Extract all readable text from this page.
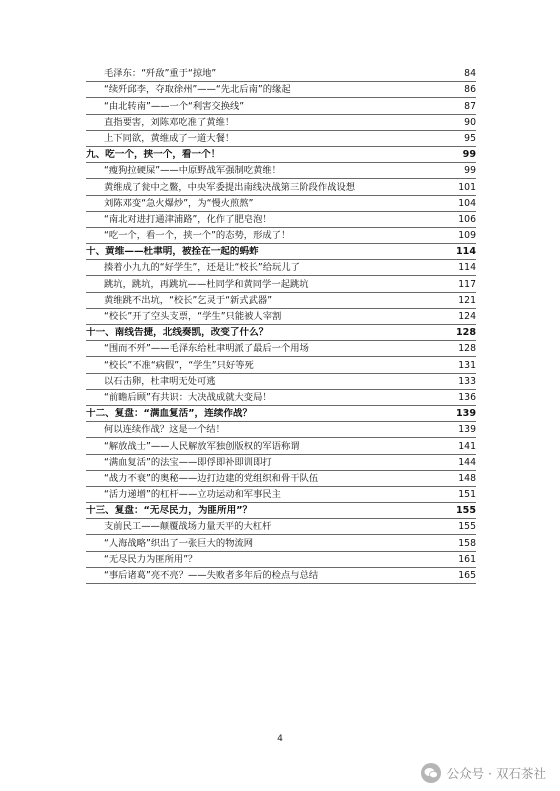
毛泽东：“歼敌”重于“掠地”	84
“续歼邱李，夺取徐州”——“先北后南”的缘起	86
“由北转南”——一个“利害交换线”	87
直指要害，刘陈邓吃准了黄维！	90
上下同欲，黄维成了一道大餐！	95
九、吃一个，挟一个，看一个！	99
“瘦狗拉硬屎”——中原野战军强制吃黄维！	99
黄维成了瓮中之鳖，中央军委提出南线决战第三阶段作战设想	101
刘陈邓变“急火爆炒”，为“慢火煎熬”	104
“南北对进打通津浦路”，化作了肥皂泡！	106
“吃一个，看一个，挟一个”的态势，形成了！	109
十、黄维——杜聿明，被拴在一起的蚂蚱	114
揍着小九九的“好学生”，还是让“校长”给玩儿了	114
跳坑，跳坑，再跳坑——杜同学和黄同学一起跳坑	117
黄维跳不出坑，“校长”乞灵于“新式武器”	121
“校长”开了空头支票，“学生”只能被人宰割	124
十一、南线告捷，北线奏凯，改变了什么？	128
“围而不歼”——毛泽东给杜聿明派了最后一个用场	128
“校长”不准“病假”，“学生”只好等死	131
以石击卵，杜聿明无处可逃	133
“前瞻后顾”有共识：大决战成就大变局！	136
十二、复盘：“满血复活”，连续作战？	139
何以连续作战？这是一个结！	139
“解放战士”——人民解放军独创版权的军语称谓	141
“满血复活”的法宝——即俘即补即训即打	144
“战力不衰”的奥秘——边打边建的党组织和骨干队伍	148
“活力递增”的杠杆——立功运动和军事民主	151
十三、复盘：“无尽民力，为匪所用”？	155
支前民工——颠覆战场力量天平的大杠杆	155
“人海战略”织出了一张巨大的物流网	158
“无尽民力为匪所用”？	161
“事后诸葛”亮不亮？——失败者多年后的检点与总结	165
4
公众号 · 双石茶社
